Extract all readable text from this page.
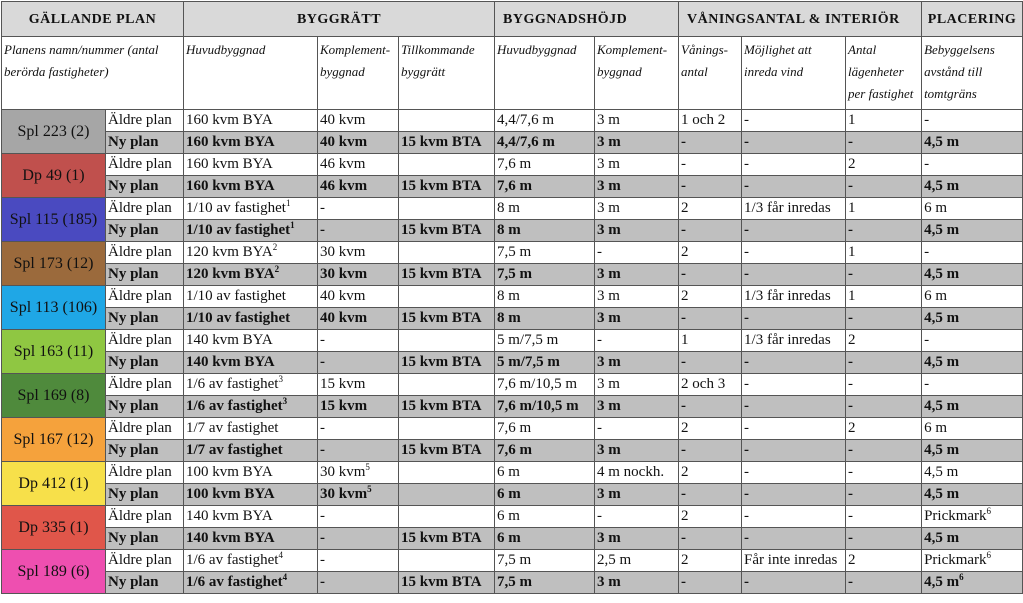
GÄLLANDE PLAN		BYGGRÄTT			BYGGNADSHÖJD		VÅNINGSANTAL & INTERIÖR			PLACERING
Planens namn/nummer (antal berörda fastigheter)		Huvudbyggnad	Komplement-byggnad	Tillkommande byggrätt	Huvudbyggnad	Komplement-byggnad	Vånings-antal	Möjlighet att inreda vind	Antal lägenheter per fastighet	Bebyggelsens avstånd till tomtgräns
Spl 223 (2)	Äldre plan	160 kvm BYA	40 kvm		4,4/7,6 m	3 m	1 och 2	-	1	-
	Ny plan	160 kvm BYA	40 kvm	15 kvm BTA	4,4/7,6 m	3 m	-	-	-	4,5 m
Dp 49 (1)	Äldre plan	160 kvm BYA	46 kvm		7,6 m	3 m	-	-	2	-
	Ny plan	160 kvm BYA	46 kvm	15 kvm BTA	7,6 m	3 m	-	-	-	4,5 m
Spl 115 (185)	Äldre plan	1/10 av fastighet$^1$	-		8 m	3 m	2	1/3 får inredas	1	6 m
	Ny plan	1/10 av fastighet$^1$	-	15 kvm BTA	8 m	3 m	-	-	-	4,5 m
Spl 173 (12)	Äldre plan	120 kvm BYA$^2$	30 kvm		7,5 m	-	2	-	1	-
	Ny plan	120 kvm BYA$^2$	30 kvm	15 kvm BTA	7,5 m	3 m	-	-	-	4,5 m
Spl 113 (106)	Äldre plan	1/10 av fastighet	40 kvm		8 m	3 m	2	1/3 får inredas	1	6 m
	Ny plan	1/10 av fastighet	40 kvm	15 kvm BTA	8 m	3 m	-	-	-	4,5 m
Spl 163 (11)	Äldre plan	140 kvm BYA	-		5 m/7,5 m	-	1	1/3 får inredas	2	-
	Ny plan	140 kvm BYA	-	15 kvm BTA	5 m/7,5 m	3 m	-	-	-	4,5 m
Spl 169 (8)	Äldre plan	1/6 av fastighet$^3$	15 kvm		7,6 m/10,5 m	3 m	2 och 3	-	-	-
	Ny plan	1/6 av fastighet$^3$	15 kvm	15 kvm BTA	7,6 m/10,5 m	3 m	-	-	-	4,5 m
Spl 167 (12)	Äldre plan	1/7 av fastighet	-		7,6 m	-	2	-	2	6 m
	Ny plan	1/7 av fastighet	-	15 kvm BTA	7,6 m	3 m	-	-	-	4,5 m
Dp 412 (1)	Äldre plan	100 kvm BYA	30 kvm$^5$		6 m	4 m nockh.	2	-	-	4,5 m
	Ny plan	100 kvm BYA	30 kvm$^5$		6 m	3 m	-	-	-	4,5 m
Dp 335 (1)	Äldre plan	140 kvm BYA	-		6 m	-	2	-	-	Prickmark$^6$
	Ny plan	140 kvm BYA	-	15 kvm BTA	6 m	3 m	-	-	-	4,5 m
Spl 189 (6)	Äldre plan	1/6 av fastighet$^4$	-		7,5 m	2,5 m	2	Får inte inredas	2	Prickmark$^6$
	Ny plan	1/6 av fastighet$^4$	-	15 kvm BTA	7,5 m	3 m	-	-	-	4,5 $m^6$
